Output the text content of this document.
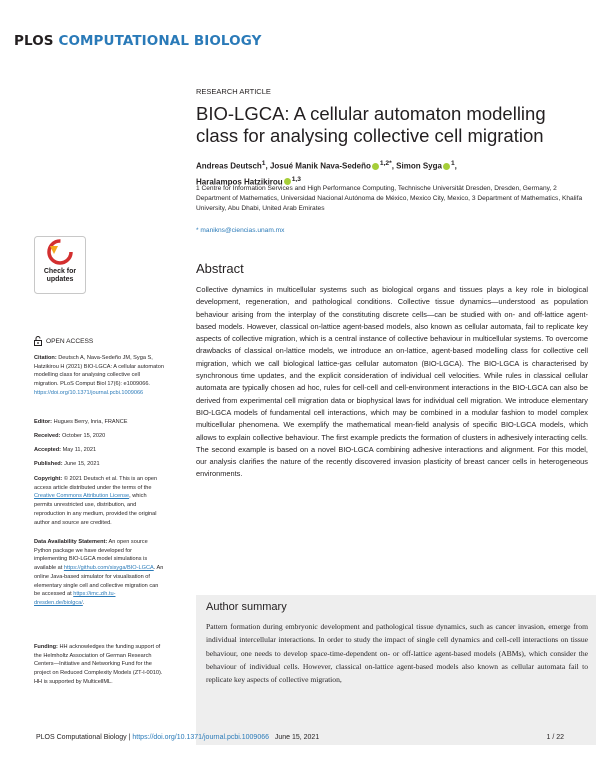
PLOS COMPUTATIONAL BIOLOGY
RESEARCH ARTICLE
BIO-LGCA: A cellular automaton modelling class for analysing collective cell migration
Andreas Deutsch$^1$, Josué Manik Nava-Sedeño $^{1,2*}$, Simon Syga $^1$,
Haralampos Hatzikirou $^{1,3}$
1 Centre for Information Services and High Performance Computing, Technische Universität Dresden, Dresden, Germany, 2 Department of Mathematics, Universidad Nacional Autónoma de México, Mexico City, Mexico, 3 Department of Mathematics, Khalifa University, Abu Dhabi, United Arab Emirates
* manikns@ciencias.unam.mx
Abstract
Collective dynamics in multicellular systems such as biological organs and tissues plays a key role in biological development, regeneration, and pathological conditions. Collective tissue dynamics—understood as population behaviour arising from the interplay of the constituting discrete cells—can be studied with on- and off-lattice agent-based models. However, classical on-lattice agent-based models, also known as cellular automata, fail to replicate key aspects of collective migration, which is a central instance of collective behaviour in multicellular systems. To overcome drawbacks of classical on-lattice models, we introduce an on-lattice, agent-based modelling class for collective cell migration, which we call biological lattice-gas cellular automaton (BIO-LGCA). The BIO-LGCA is characterised by synchronous time updates, and the explicit consideration of individual cell velocities. While rules in classical cellular automata are typically chosen ad hoc, rules for cell-cell and cell-environment interactions in the BIO-LGCA can also be derived from experimental cell migration data or biophysical laws for individual cell migration. We introduce elementary BIO-LGCA models of fundamental cell interactions, which may be combined in a modular fashion to model complex multicellular phenomena. We exemplify the mathematical mean-field analysis of specific BIO-LGCA models, which allows to explain collective behaviour. The first example predicts the formation of clusters in adhesively interacting cells. The second example is based on a novel BIO-LGCA combining adhesive interactions and alignment. For this model, our analysis clarifies the nature of the recently discovered invasion plasticity of breast cancer cells in heterogeneous environments.
Author summary
Pattern formation during embryonic development and pathological tissue dynamics, such as cancer invasion, emerge from individual intercellular interactions. In order to study the impact of single cell dynamics and cell-cell interactions on tissue behaviour, one needs to develop space-time-dependent on- or off-lattice agent-based models (ABMs), which consider the behaviour of individual cells. However, classical on-lattice agent-based models also known as cellular automata fail to replicate key aspects of collective migration,
Check for updates
OPEN ACCESS
Citation: Deutsch A, Nava-Sedeño JM, Syga S, Hatzikirou H (2021) BIO-LGCA: A cellular automaton modelling class for analysing collective cell migration. PLoS Comput Biol 17(6): e1009066. https://doi.org/10.1371/journal.pcbi.1009066
Editor: Hugues Berry, Inria, FRANCE
Received: October 15, 2020
Accepted: May 11, 2021
Published: June 15, 2021
Copyright: © 2021 Deutsch et al. This is an open access article distributed under the terms of the Creative Commons Attribution License, which permits unrestricted use, distribution, and reproduction in any medium, provided the original author and source are credited.
Data Availability Statement: An open source Python package we have developed for implementing BIO-LGCA model simulations is available at https://github.com/sisyga/BIO-LGCA. An online Java-based simulator for visualisation of elementary single cell and collective migration can be accessed at https://imc.zih.tu-dresden.de/biolgca/.
Funding: HH acknowledges the funding support of the Helmholtz Association of German Research Centers—Initiative and Networking Fund for the project on Reduced Complexity Models (ZT-I-0010). HH is supported by MulticellML.
PLOS Computational Biology | https://doi.org/10.1371/journal.pcbi.1009066 June 15, 2021	1 / 22
